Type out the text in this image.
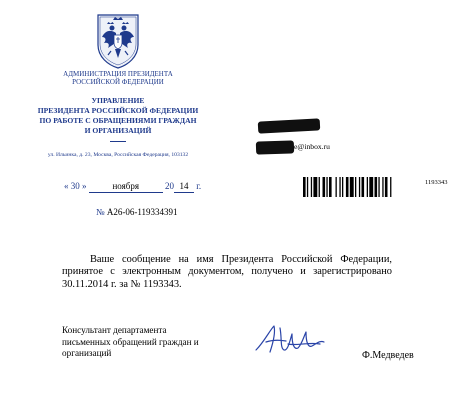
АДМИНИСТРАЦИЯ ПРЕЗИДЕНТА
РОССИЙСКОЙ ФЕДЕРАЦИИ
УПРАВЛЕНИЕ
ПРЕЗИДЕНТА РОССИЙСКОЙ ФЕДЕРАЦИИ
ПО РАБОТЕ С ОБРАЩЕНИЯМИ ГРАЖДАН
И ОРГАНИЗАЦИЙ
ул. Ильинка, д. 23, Москва, Российская Федерация, 103132
e@inbox.ru
« 30 »	ноября	20 14 г.
№ А26-06-119334391
1193343
Ваше сообщение на имя Президента Российской Федерации, принятое с электронным документом, получено и зарегистрировано 30.11.2014 г. за № 1193343.
Консультант департамента
письменных обращений граждан и
организаций	Ф.Медведев
